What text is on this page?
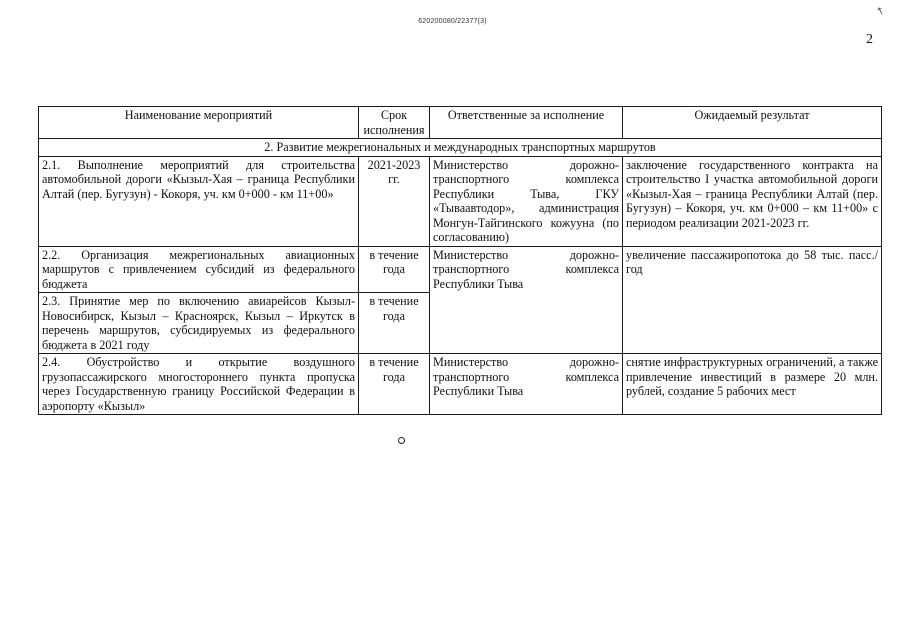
620200080/22377(3)
↖
2
Наименование мероприятий	Срок исполнения	Ответственные за исполнение	Ожидаемый результат
2. Развитие межрегиональных и международных транспортных маршрутов			
2.1. Выполнение мероприятий для строительства автомобильной дороги «Кызыл-Хая – граница Республики Алтай (пер. Бугузун) - Кокоря, уч. км 0+000 - км 11+00»	2021-2023 гг.	Министерство дорожно-транспортного комплекса Республики Тыва, ГКУ «Тываавтодор», администрация Монгун-Тайгинского кожууна (по согласованию)	заключение государственного контракта на строительство I участка автомобильной дороги «Кызыл-Хая – граница Республики Алтай (пер. Бугузун) – Кокоря, уч. км 0+000 – км 11+00» с периодом реализации 2021-2023 гг.
2.2. Организация межрегиональных авиационных маршрутов с привлечением субсидий из федерального бюджета	в течение года	Министерство дорожно-транспортного комплекса Республики Тыва	увеличение пассажиропотока до 58 тыс. пасс./год
2.3. Принятие мер по включению авиарейсов Кызыл-Новосибирск, Кызыл – Красноярск, Кызыл – Иркутск в перечень маршрутов, субсидируемых из федерального бюджета в 2021 году	в течение года		
2.4. Обустройство и открытие воздушного грузопассажирского многостороннего пункта пропуска через Государственную границу Российской Федерации в аэропорту «Кызыл»	в течение года	Министерство дорожно-транспортного комплекса Республики Тыва	снятие инфраструктурных ограничений, а также привлечение инвестиций в размере 20 млн. рублей, создание 5 рабочих мест
